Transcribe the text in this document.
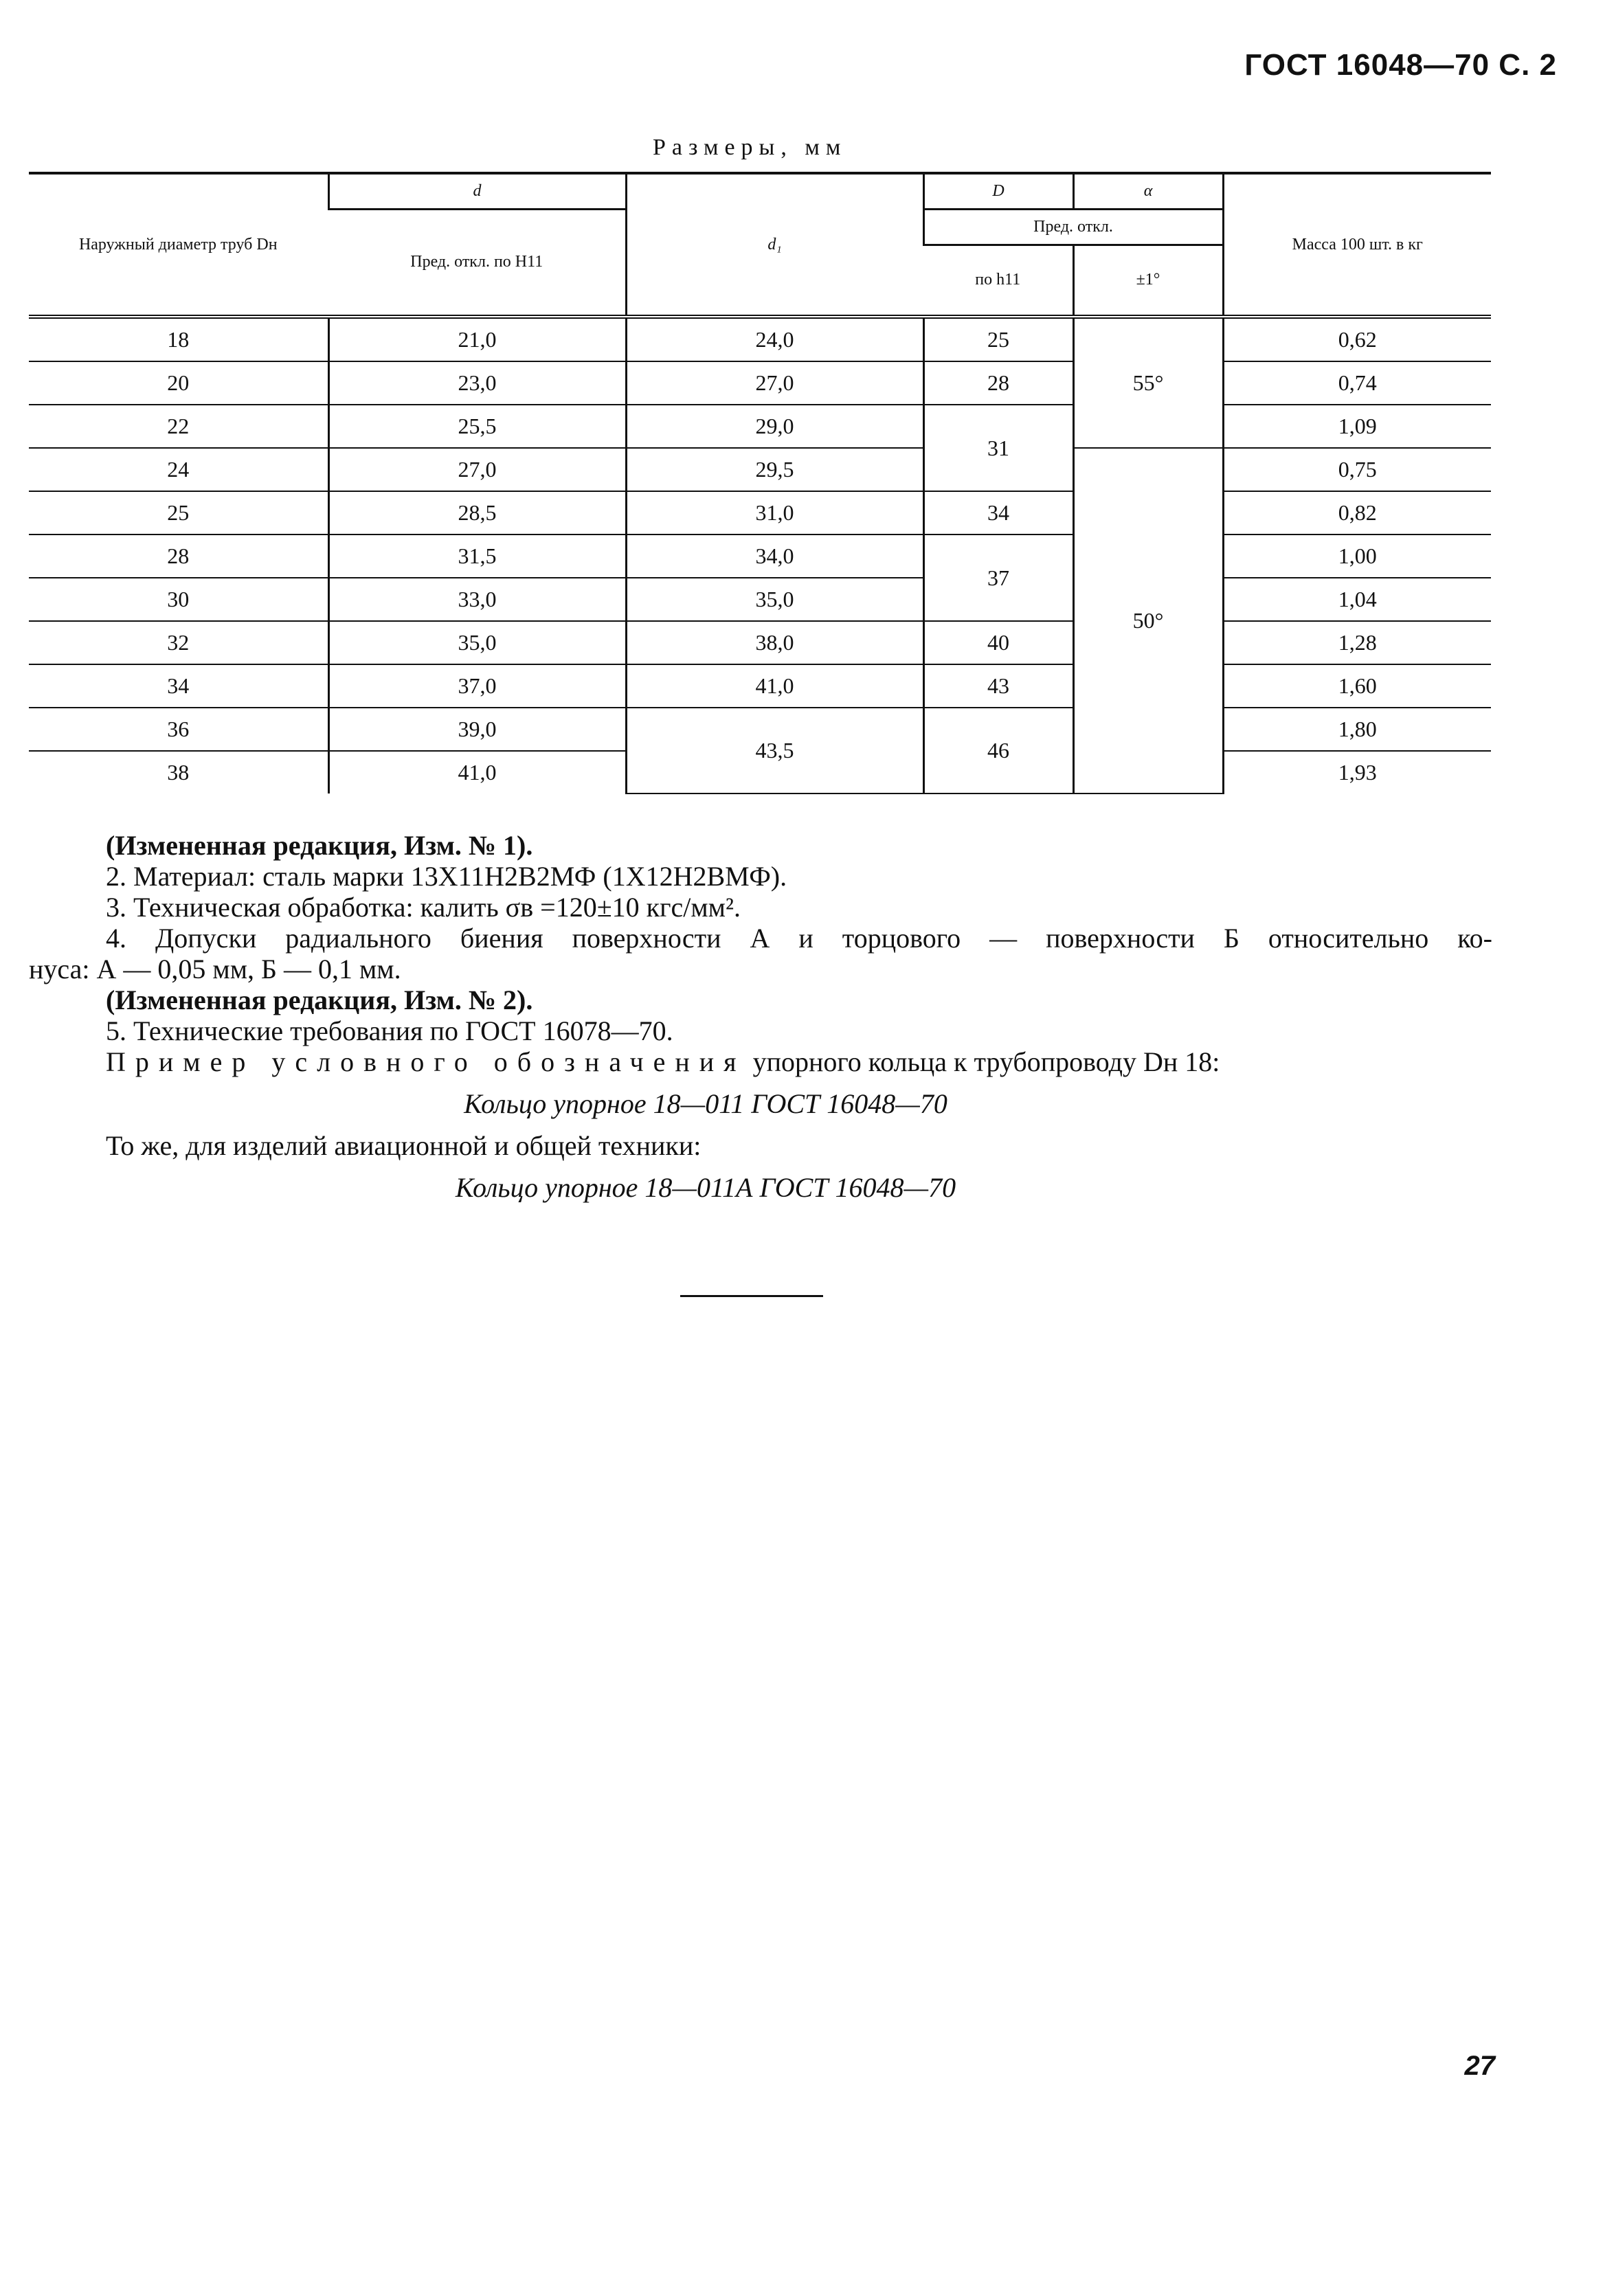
ГОСТ 16048—70 С. 2
Размеры, мм
Наружный диаметр труб Dн	d	d₁	D	α	Масса 100 шт. в кг
	Пред. откл. по H11		Пред. откл.		
			по h11	±1°	
18	21,0	24,0	25	55°	0,62
20	23,0	27,0	28		0,74
22	25,5	29,0	31		1,09
24	27,0	29,5		50°	0,75
25	28,5	31,0	34		0,82
28	31,5	34,0	37		1,00
30	33,0	35,0			1,04
32	35,0	38,0	40		1,28
34	37,0	41,0	43		1,60
36	39,0	43,5	46		1,80
38	41,0				1,93

(Измененная редакция, Изм. № 1).

2. Материал: сталь марки 13Х11Н2В2МФ (1Х12Н2ВМФ).

3. Техническая обработка: калить σв =120±10 кгс/мм².

4. Допуски радиального биения поверхности А и торцового — поверхности Б относительно ко-

нуса: А — 0,05 мм, Б — 0,1 мм.

(Измененная редакция, Изм. № 2).

5. Технические требования по ГОСТ 16078—70.

Пример условного обозначения упорного кольца к трубопроводу Dн 18:

Кольцо упорное 18—011 ГОСТ 16048—70

То же, для изделий авиационной и общей техники:

Кольцо упорное 18—011А ГОСТ 16048—70

27
